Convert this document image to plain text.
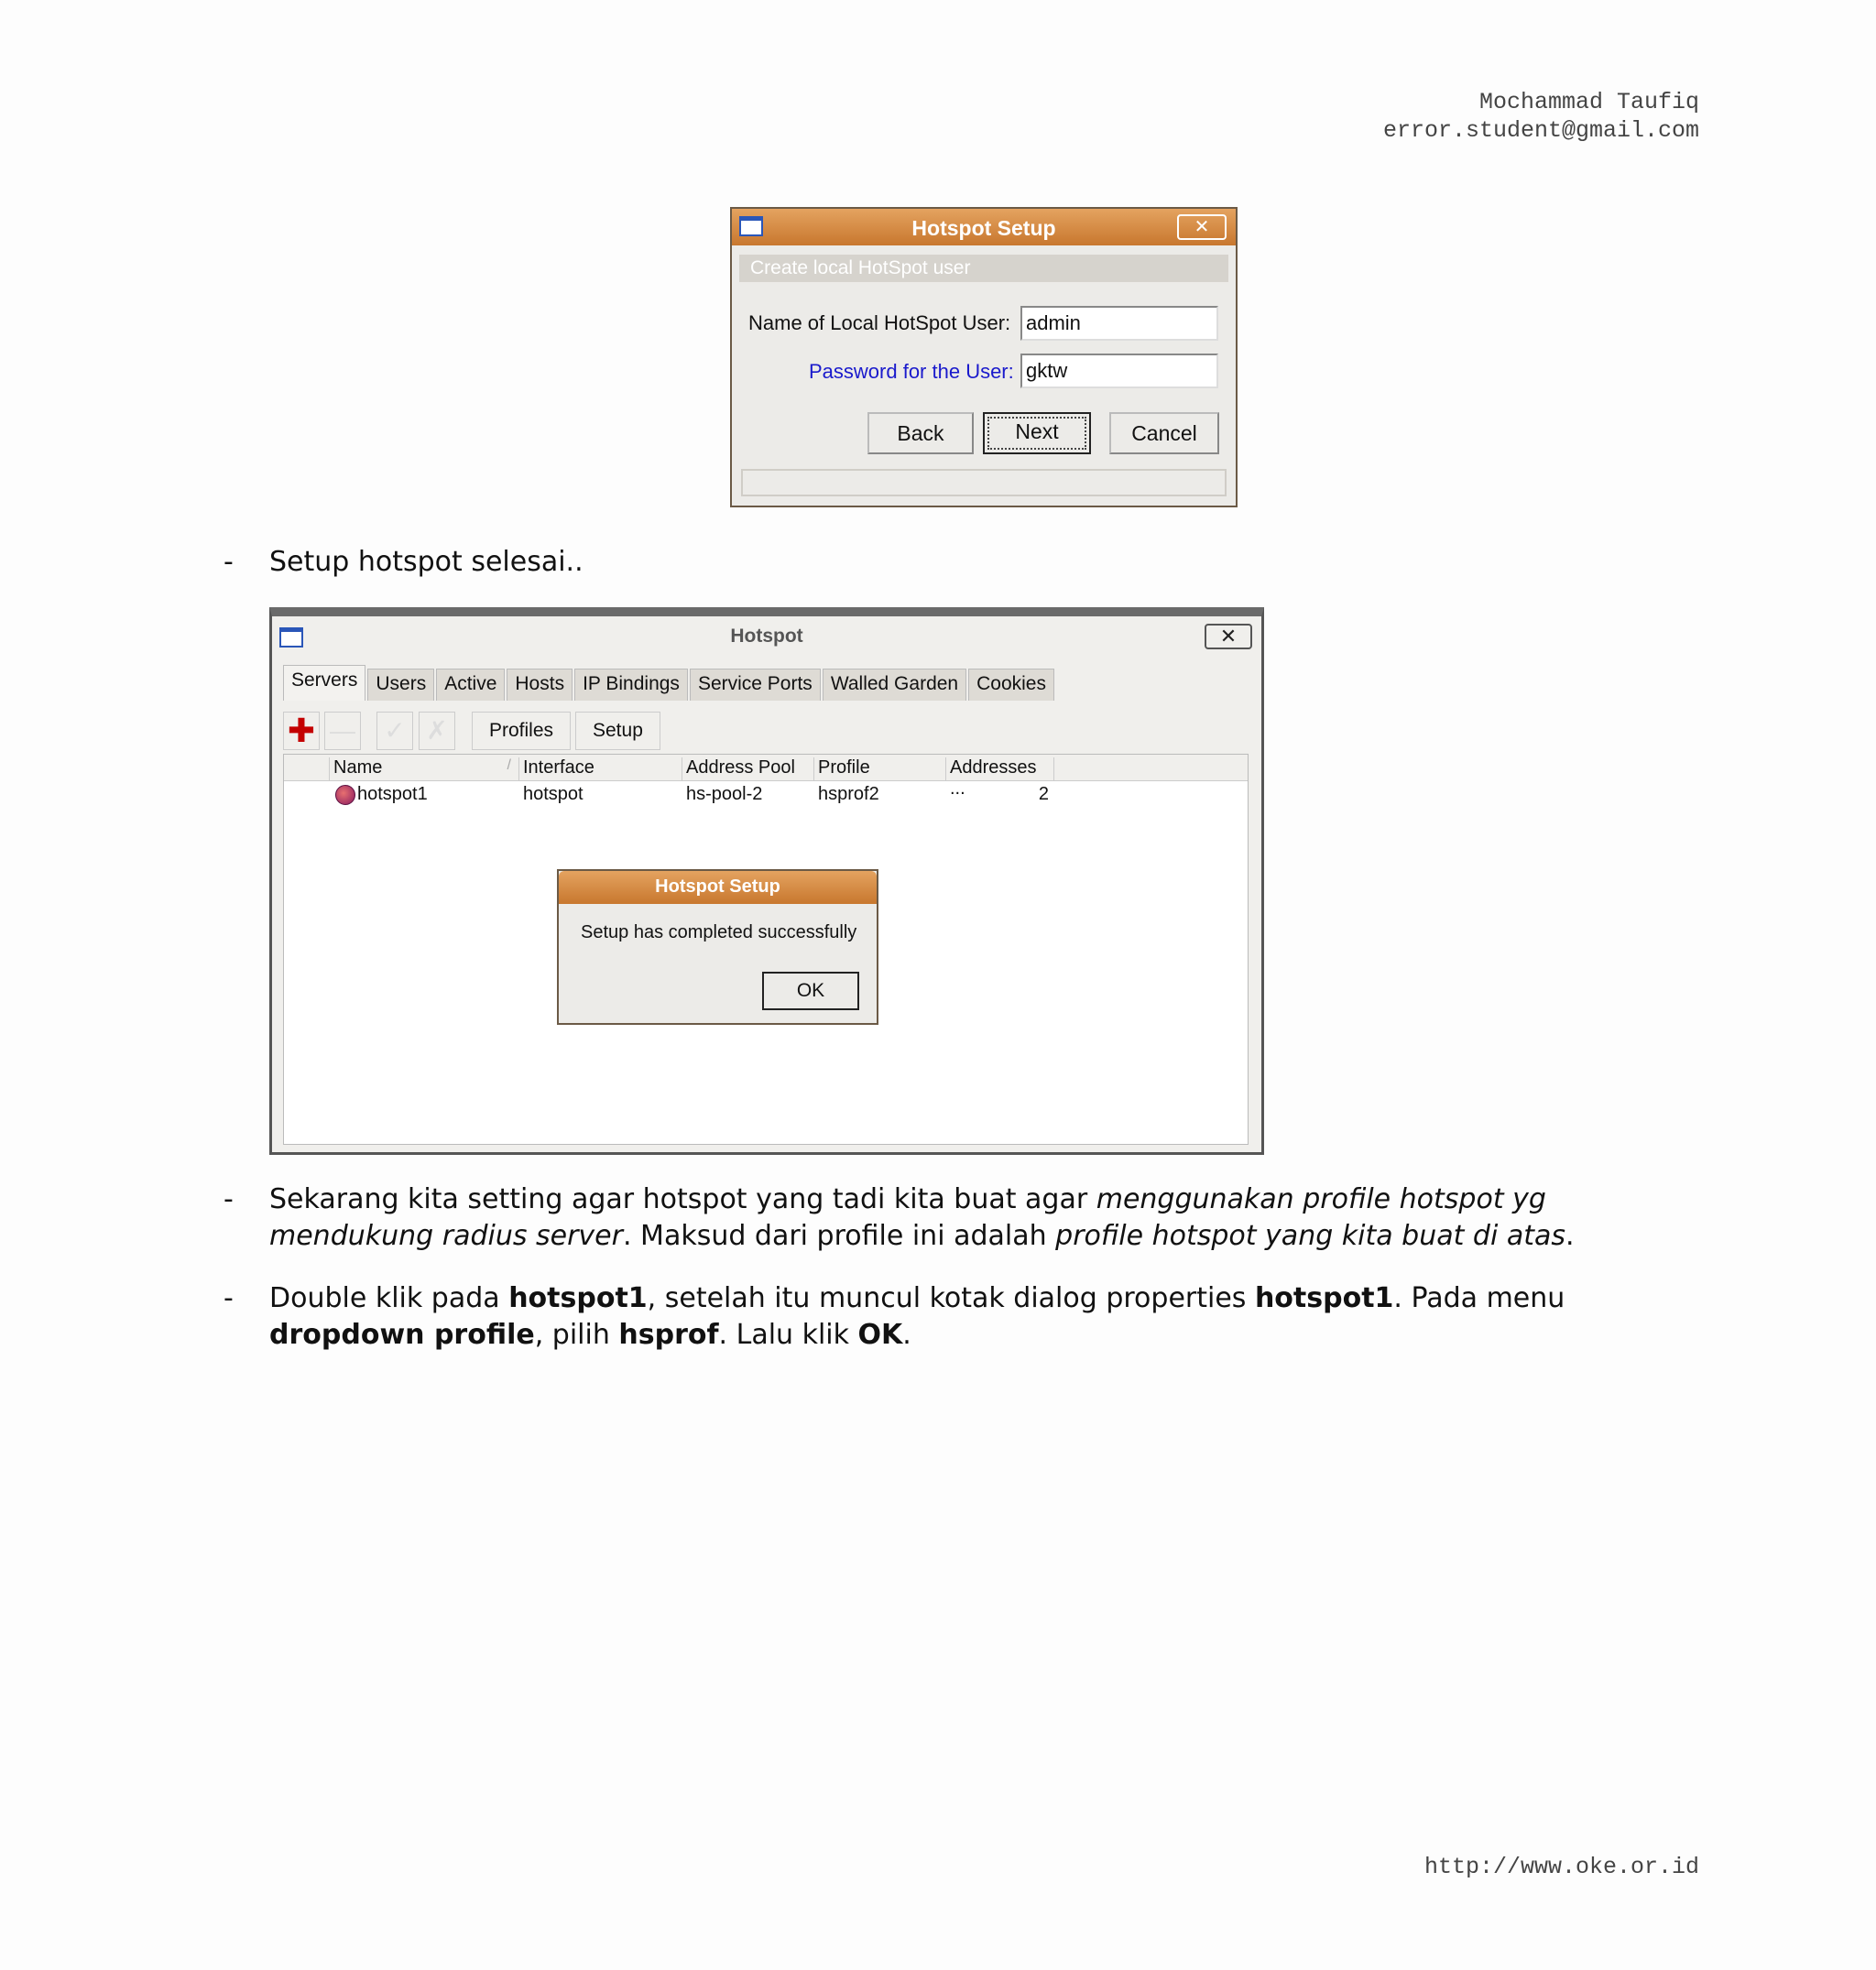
Mochammad Taufiq
error.student@gmail.com
Hotspot Setup	✕
Create local HotSpot user
Name of Local HotSpot User: admin
Password for the User: gktw
Back	Next	Cancel
- Setup hotspot selesai..
Hotspot	✕
Servers Users Active Hosts IP Bindings Service Ports Walled Garden Cookies
✚ — ✓ ✗	Profiles	Setup
Name	/ Interface	Address Pool	Profile	Addresses ...
hotspot1	hotspot	hs-pool-2	hsprof2	2
Hotspot Setup
Setup has completed successfully
OK
- Sekarang kita setting agar hotspot yang tadi kita buat agar menggunakan profile hotspot yg mendukung radius server. Maksud dari profile ini adalah profile hotspot yang kita buat di atas.
- Double klik pada hotspot1, setelah itu muncul kotak dialog properties hotspot1. Pada menu dropdown profile, pilih hsprof. Lalu klik OK.
http://www.oke.or.id
